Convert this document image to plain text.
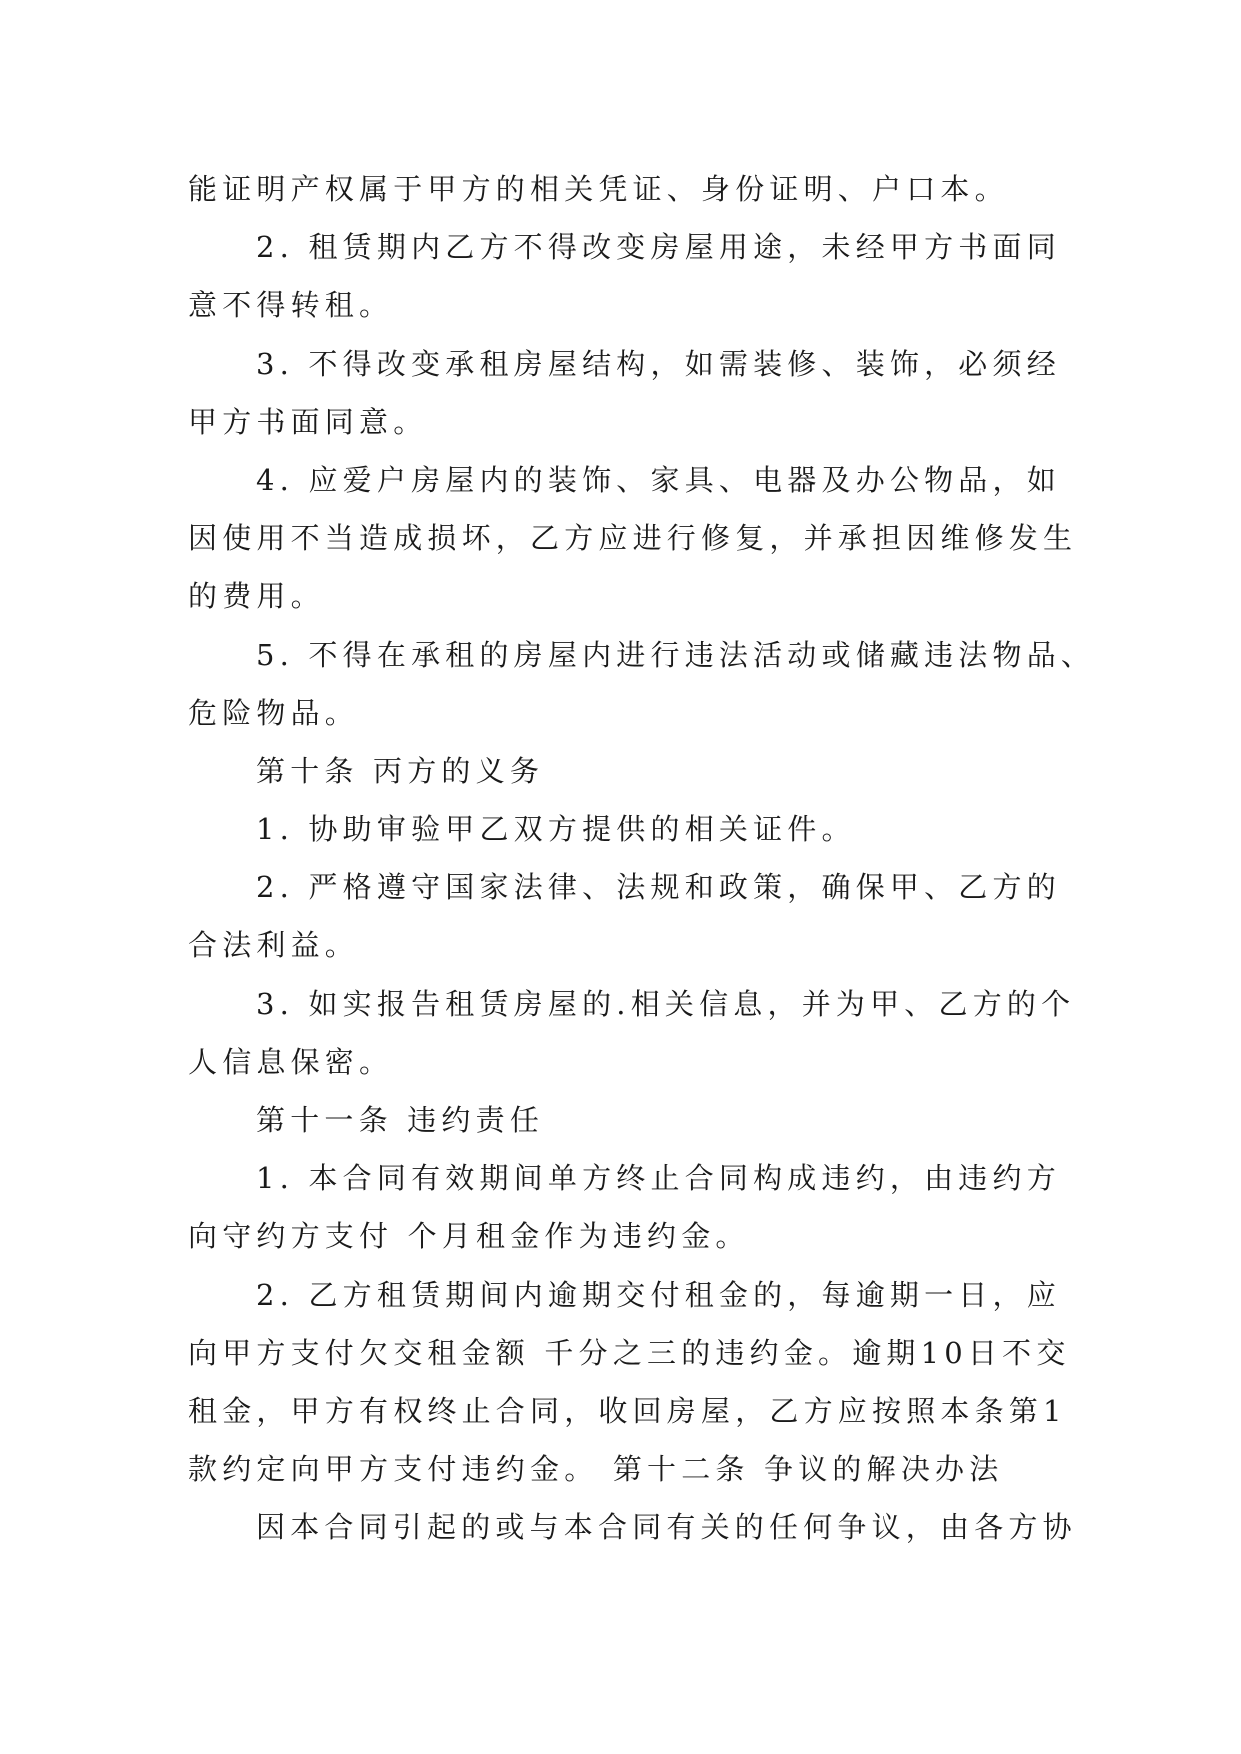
能证明产权属于甲方的相关凭证、身份证明、户口本。
2. 租赁期内乙方不得改变房屋用途，未经甲方书面同
意不得转租。
3. 不得改变承租房屋结构，如需装修、装饰，必须经
甲方书面同意。
4. 应爱户房屋内的装饰、家具、电器及办公物品，如
因使用不当造成损坏，乙方应进行修复，并承担因维修发生
的费用。
5. 不得在承租的房屋内进行违法活动或储藏违法物品、
危险物品。
第十条 丙方的义务
1. 协助审验甲乙双方提供的相关证件。
2. 严格遵守国家法律、法规和政策，确保甲、乙方的
合法利益。
3. 如实报告租赁房屋的.相关信息，并为甲、乙方的个
人信息保密。
第十一条 违约责任
1. 本合同有效期间单方终止合同构成违约，由违约方
向守约方支付 个月租金作为违约金。
2. 乙方租赁期间内逾期交付租金的，每逾期一日，应
向甲方支付欠交租金额 千分之三的违约金。逾期10日不交
租金，甲方有权终止合同，收回房屋，乙方应按照本条第1
款约定向甲方支付违约金。 第十二条 争议的解决办法
因本合同引起的或与本合同有关的任何争议，由各方协
